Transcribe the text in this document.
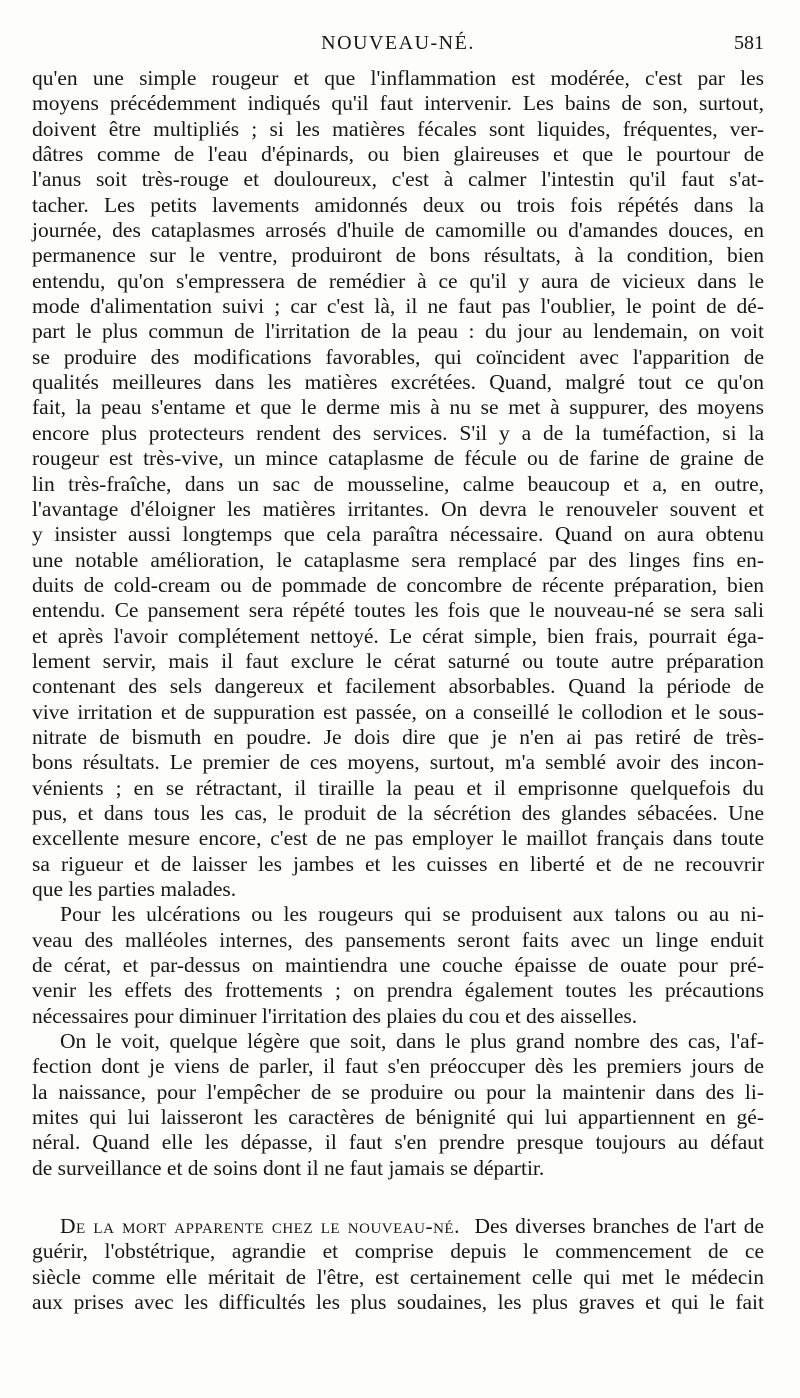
NOUVEAU-NÉ.	581
qu'en une simple rougeur et que l'inflammation est modérée, c'est par les
moyens précédemment indiqués qu'il faut intervenir. Les bains de son, surtout,
doivent être multipliés ; si les matières fécales sont liquides, fréquentes, ver-
dâtres comme de l'eau d'épinards, ou bien glaireuses et que le pourtour de
l'anus soit très-rouge et douloureux, c'est à calmer l'intestin qu'il faut s'at-
tacher. Les petits lavements amidonnés deux ou trois fois répétés dans la
journée, des cataplasmes arrosés d'huile de camomille ou d'amandes douces, en
permanence sur le ventre, produiront de bons résultats, à la condition, bien
entendu, qu'on s'empressera de remédier à ce qu'il y aura de vicieux dans le
mode d'alimentation suivi ; car c'est là, il ne faut pas l'oublier, le point de dé-
part le plus commun de l'irritation de la peau : du jour au lendemain, on voit
se produire des modifications favorables, qui coïncident avec l'apparition de
qualités meilleures dans les matières excrétées. Quand, malgré tout ce qu'on
fait, la peau s'entame et que le derme mis à nu se met à suppurer, des moyens
encore plus protecteurs rendent des services. S'il y a de la tuméfaction, si la
rougeur est très-vive, un mince cataplasme de fécule ou de farine de graine de
lin très-fraîche, dans un sac de mousseline, calme beaucoup et a, en outre,
l'avantage d'éloigner les matières irritantes. On devra le renouveler souvent et
y insister aussi longtemps que cela paraîtra nécessaire. Quand on aura obtenu
une notable amélioration, le cataplasme sera remplacé par des linges fins en-
duits de cold-cream ou de pommade de concombre de récente préparation, bien
entendu. Ce pansement sera répété toutes les fois que le nouveau-né se sera sali
et après l'avoir complétement nettoyé. Le cérat simple, bien frais, pourrait éga-
lement servir, mais il faut exclure le cérat saturné ou toute autre préparation
contenant des sels dangereux et facilement absorbables. Quand la période de
vive irritation et de suppuration est passée, on a conseillé le collodion et le sous-
nitrate de bismuth en poudre. Je dois dire que je n'en ai pas retiré de très-
bons résultats. Le premier de ces moyens, surtout, m'a semblé avoir des incon-
vénients ; en se rétractant, il tiraille la peau et il emprisonne quelquefois du
pus, et dans tous les cas, le produit de la sécrétion des glandes sébacées. Une
excellente mesure encore, c'est de ne pas employer le maillot français dans toute
sa rigueur et de laisser les jambes et les cuisses en liberté et de ne recouvrir
que les parties malades.
Pour les ulcérations ou les rougeurs qui se produisent aux talons ou au ni-
veau des malléoles internes, des pansements seront faits avec un linge enduit
de cérat, et par-dessus on maintiendra une couche épaisse de ouate pour pré-
venir les effets des frottements ; on prendra également toutes les précautions
nécessaires pour diminuer l'irritation des plaies du cou et des aisselles.
On le voit, quelque légère que soit, dans le plus grand nombre des cas, l'af-
fection dont je viens de parler, il faut s'en préoccuper dès les premiers jours de
la naissance, pour l'empêcher de se produire ou pour la maintenir dans des li-
mites qui lui laisseront les caractères de bénignité qui lui appartiennent en gé-
néral. Quand elle les dépasse, il faut s'en prendre presque toujours au défaut
de surveillance et de soins dont il ne faut jamais se départir.
De la mort apparente chez le nouveau-né. Des diverses branches de l'art de
guérir, l'obstétrique, agrandie et comprise depuis le commencement de ce
siècle comme elle méritait de l'être, est certainement celle qui met le médecin
aux prises avec les difficultés les plus soudaines, les plus graves et qui le fait
